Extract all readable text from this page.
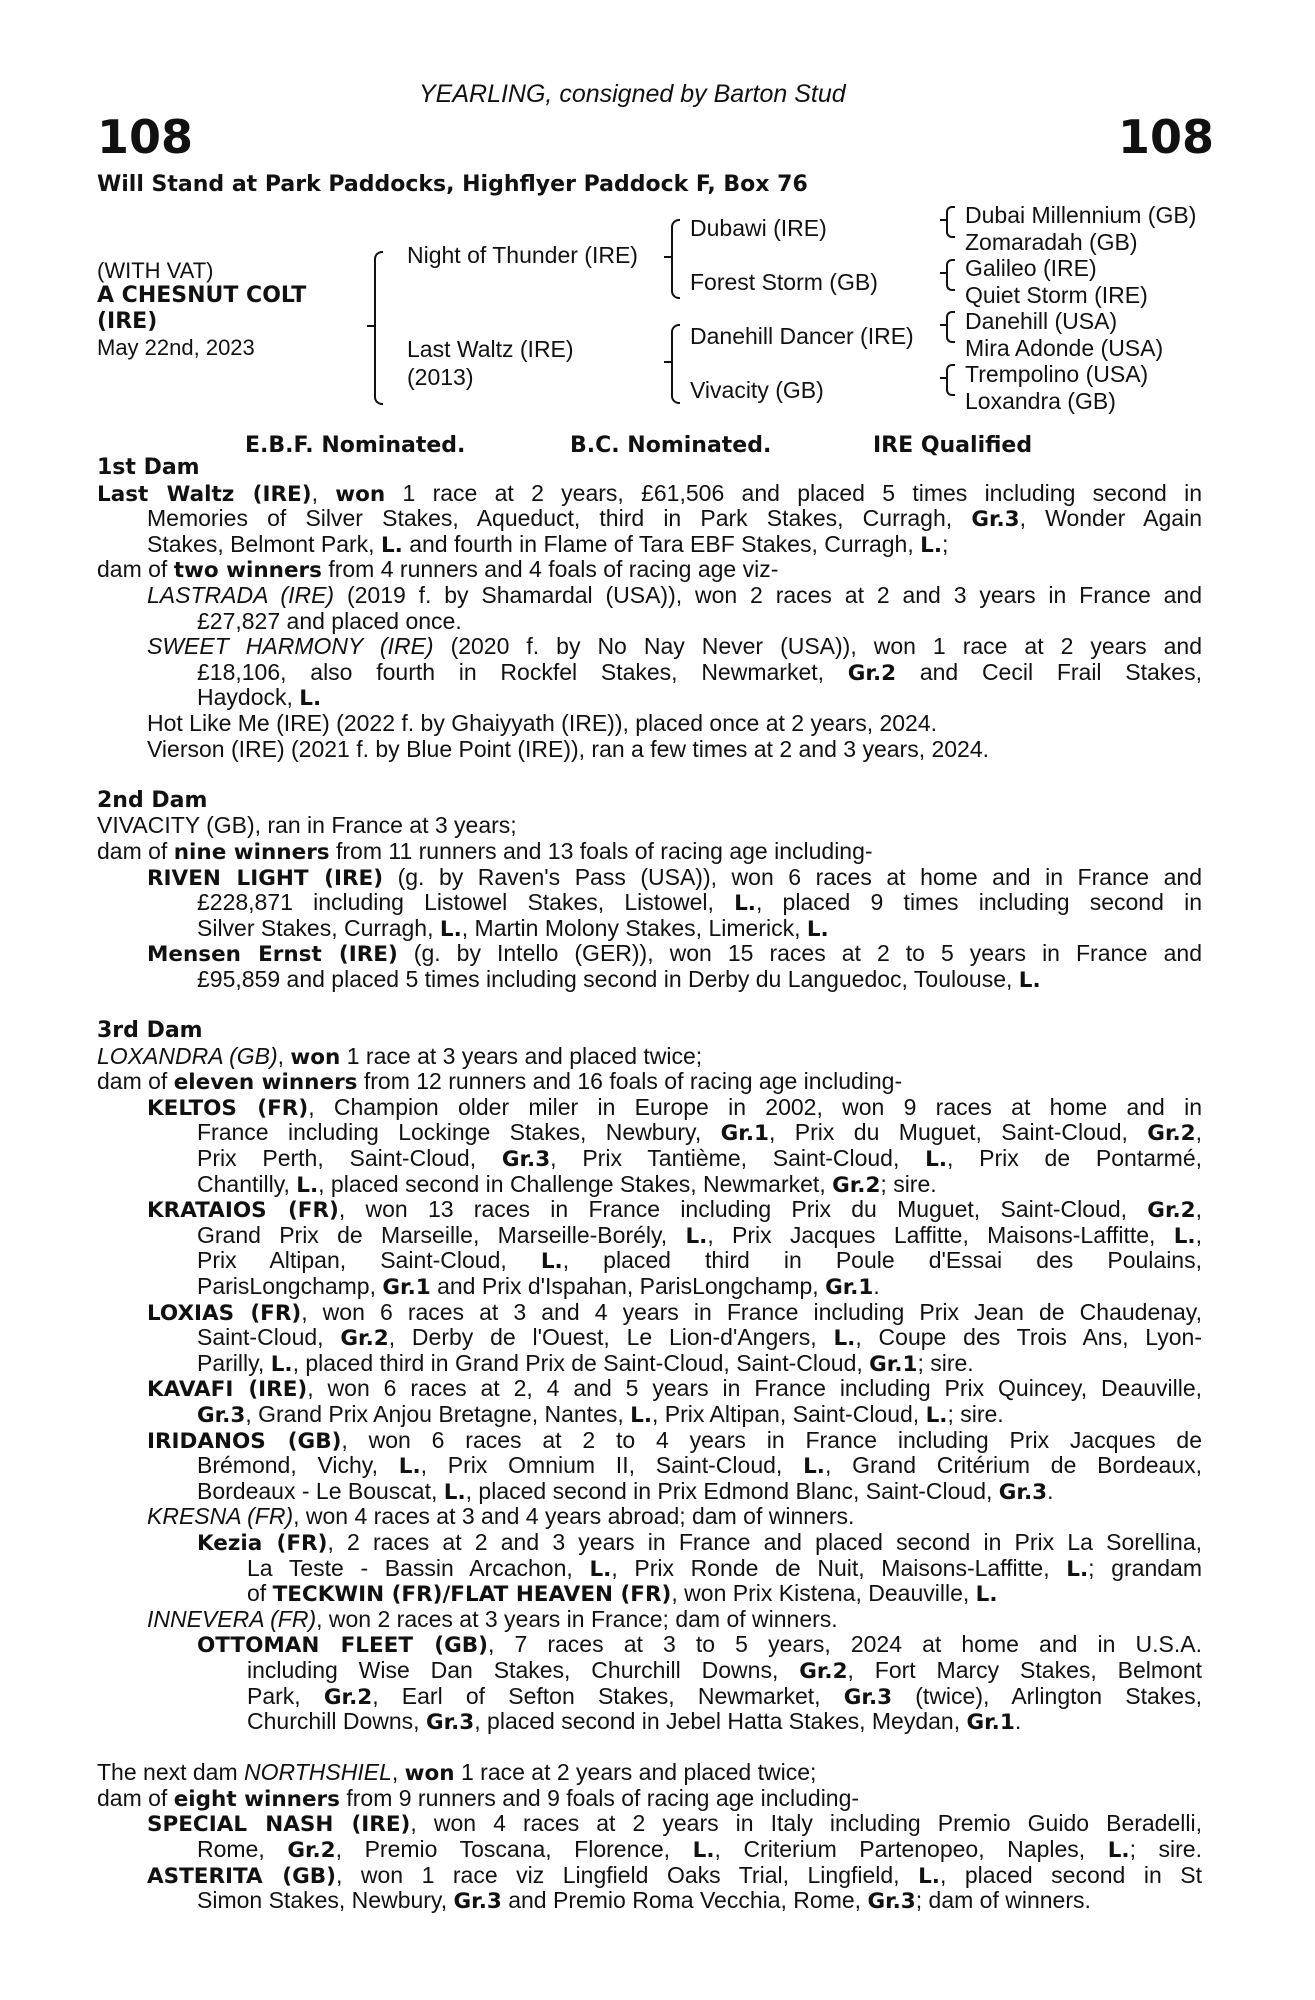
YEARLING, consigned by Barton Stud
108	108
Will Stand at Park Paddocks, Highflyer Paddock F, Box 76
(WITH VAT)
A CHESNUT COLT
(IRE)
May 22nd, 2023
Night of Thunder (IRE)
Last Waltz (IRE)
(2013)
Dubawi (IRE)
Forest Storm (GB)
Danehill Dancer (IRE)
Vivacity (GB)
Dubai Millennium (GB)
Zomaradah (GB)
Galileo (IRE)
Quiet Storm (IRE)
Danehill (USA)
Mira Adonde (USA)
Trempolino (USA)
Loxandra (GB)
E.B.F. Nominated.	B.C. Nominated.	IRE Qualified
1st Dam
Last Waltz (IRE), won 1 race at 2 years, £61,506 and placed 5 times including second in
Memories of Silver Stakes, Aqueduct, third in Park Stakes, Curragh, Gr.3, Wonder Again
Stakes, Belmont Park, L. and fourth in Flame of Tara EBF Stakes, Curragh, L.;
dam of two winners from 4 runners and 4 foals of racing age viz-
LASTRADA (IRE) (2019 f. by Shamardal (USA)), won 2 races at 2 and 3 years in France and
£27,827 and placed once.
SWEET HARMONY (IRE) (2020 f. by No Nay Never (USA)), won 1 race at 2 years and
£18,106, also fourth in Rockfel Stakes, Newmarket, Gr.2 and Cecil Frail Stakes,
Haydock, L.
Hot Like Me (IRE) (2022 f. by Ghaiyyath (IRE)), placed once at 2 years, 2024.
Vierson (IRE) (2021 f. by Blue Point (IRE)), ran a few times at 2 and 3 years, 2024.
2nd Dam
VIVACITY (GB), ran in France at 3 years;
dam of nine winners from 11 runners and 13 foals of racing age including-
RIVEN LIGHT (IRE) (g. by Raven's Pass (USA)), won 6 races at home and in France and
£228,871 including Listowel Stakes, Listowel, L., placed 9 times including second in
Silver Stakes, Curragh, L., Martin Molony Stakes, Limerick, L.
Mensen Ernst (IRE) (g. by Intello (GER)), won 15 races at 2 to 5 years in France and
£95,859 and placed 5 times including second in Derby du Languedoc, Toulouse, L.
3rd Dam
LOXANDRA (GB), won 1 race at 3 years and placed twice;
dam of eleven winners from 12 runners and 16 foals of racing age including-
KELTOS (FR), Champion older miler in Europe in 2002, won 9 races at home and in
France including Lockinge Stakes, Newbury, Gr.1, Prix du Muguet, Saint-Cloud, Gr.2,
Prix Perth, Saint-Cloud, Gr.3, Prix Tantième, Saint-Cloud, L., Prix de Pontarmé,
Chantilly, L., placed second in Challenge Stakes, Newmarket, Gr.2; sire.
KRATAIOS (FR), won 13 races in France including Prix du Muguet, Saint-Cloud, Gr.2,
Grand Prix de Marseille, Marseille-Borély, L., Prix Jacques Laffitte, Maisons-Laffitte, L.,
Prix Altipan, Saint-Cloud, L., placed third in Poule d'Essai des Poulains,
ParisLongchamp, Gr.1 and Prix d'Ispahan, ParisLongchamp, Gr.1.
LOXIAS (FR), won 6 races at 3 and 4 years in France including Prix Jean de Chaudenay,
Saint-Cloud, Gr.2, Derby de l'Ouest, Le Lion-d'Angers, L., Coupe des Trois Ans, Lyon-
Parilly, L., placed third in Grand Prix de Saint-Cloud, Saint-Cloud, Gr.1; sire.
KAVAFI (IRE), won 6 races at 2, 4 and 5 years in France including Prix Quincey, Deauville,
Gr.3, Grand Prix Anjou Bretagne, Nantes, L., Prix Altipan, Saint-Cloud, L.; sire.
IRIDANOS (GB), won 6 races at 2 to 4 years in France including Prix Jacques de
Brémond, Vichy, L., Prix Omnium II, Saint-Cloud, L., Grand Critérium de Bordeaux,
Bordeaux - Le Bouscat, L., placed second in Prix Edmond Blanc, Saint-Cloud, Gr.3.
KRESNA (FR), won 4 races at 3 and 4 years abroad; dam of winners.
Kezia (FR), 2 races at 2 and 3 years in France and placed second in Prix La Sorellina,
La Teste - Bassin Arcachon, L., Prix Ronde de Nuit, Maisons-Laffitte, L.; grandam
of TECKWIN (FR)/FLAT HEAVEN (FR), won Prix Kistena, Deauville, L.
INNEVERA (FR), won 2 races at 3 years in France; dam of winners.
OTTOMAN FLEET (GB), 7 races at 3 to 5 years, 2024 at home and in U.S.A.
including Wise Dan Stakes, Churchill Downs, Gr.2, Fort Marcy Stakes, Belmont
Park, Gr.2, Earl of Sefton Stakes, Newmarket, Gr.3 (twice), Arlington Stakes,
Churchill Downs, Gr.3, placed second in Jebel Hatta Stakes, Meydan, Gr.1.
The next dam NORTHSHIEL, won 1 race at 2 years and placed twice;
dam of eight winners from 9 runners and 9 foals of racing age including-
SPECIAL NASH (IRE), won 4 races at 2 years in Italy including Premio Guido Beradelli,
Rome, Gr.2, Premio Toscana, Florence, L., Criterium Partenopeo, Naples, L.; sire.
ASTERITA (GB), won 1 race viz Lingfield Oaks Trial, Lingfield, L., placed second in St
Simon Stakes, Newbury, Gr.3 and Premio Roma Vecchia, Rome, Gr.3; dam of winners.
